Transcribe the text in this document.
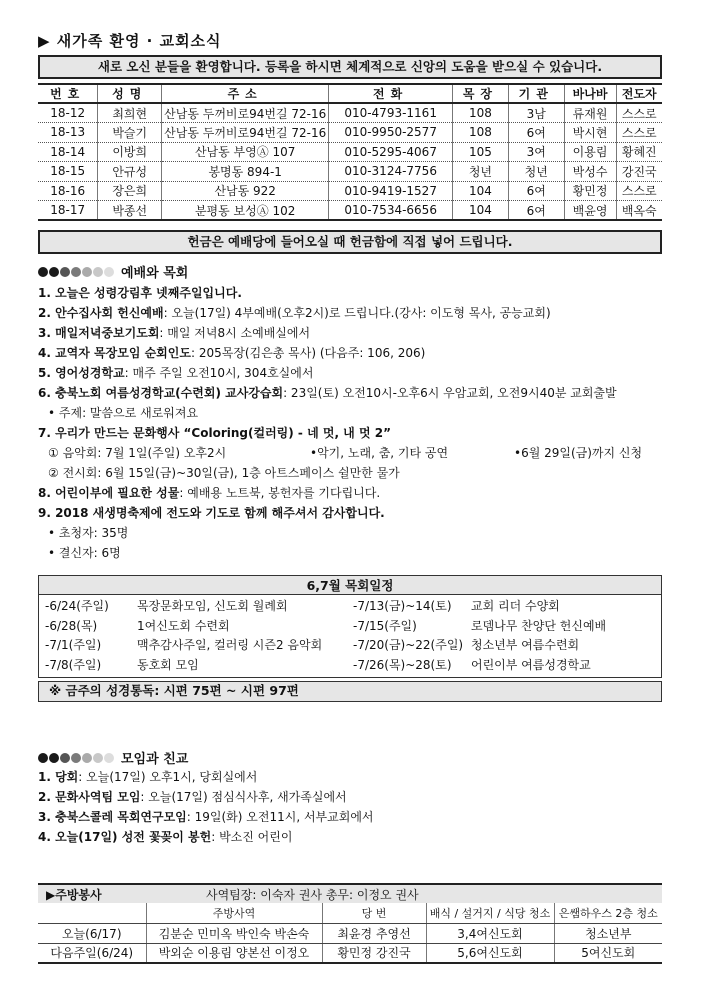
▶ 새가족 환영 · 교회소식
새로 오신 분들을 환영합니다. 등록을 하시면 체계적으로 신앙의 도움을 받으실 수 있습니다.
번호	성명	주소	전화	목장	기관	바나바	전도자
18-12	최희현	산남동 두꺼비로94번길 72-16	010-4793-1161	108	3남	류재원	스스로
18-13	박슬기	산남동 두꺼비로94번길 72-16	010-9950-2577	108	6여	박시현	스스로
18-14	이방희	산남동 부영Ⓐ 107	010-5295-4067	105	3여	이용림	황혜진
18-15	안규성	봉명동 894-1	010-3124-7756	청년	청년	박성수	강진국
18-16	장은희	산남동 922	010-9419-1527	104	6여	황민정	스스로
18-17	박종선	분평동 보성Ⓐ 102	010-7534-6656	104	6여	백윤영	백옥숙
헌금은 예배당에 들어오실 때 헌금함에 직접 넣어 드립니다.
예배와 목회
1. 오늘은 성령강림후 넷째주일입니다.
2. 안수집사회 헌신예배: 오늘(17일) 4부예배(오후2시)로 드립니다.(강사: 이도형 목사, 공능교회)
3. 매일저녁중보기도회: 매일 저녁8시 소예배실에서
4. 교역자 목장모임 순회인도: 205목장(김은총 목사) (다음주: 106, 206)
5. 영어성경학교: 매주 주일 오전10시, 304호실에서
6. 충북노회 여름성경학교(수련회) 교사강습회: 23일(토) 오전10시-오후6시 우암교회, 오전9시40분 교회출발
• 주제: 말씀으로 새로워져요
7. 우리가 만드는 문화행사 “Coloring(컬러링) - 네 멋, 내 멋 2”
① 음악회: 7월 1일(주일) 오후2시	•악기, 노래, 춤, 기타 공연	•6월 29일(금)까지 신청
② 전시회: 6월 15일(금)~30일(금), 1층 아트스페이스 쉴만한 물가
8. 어린이부에 필요한 성물: 예배용 노트북, 봉헌자를 기다립니다.
9. 2018 새생명축제에 전도와 기도로 함께 해주셔서 감사합니다.
• 초청자: 35명
• 결신자: 6명
6,7월 목회일정
-6/24(주일)	목장문화모임, 신도회 월례회
-6/28(목)	1여신도회 수련회
-7/1(주일)	맥추감사주일, 컬러링 시즌2 음악회
-7/8(주일)	동호회 모임
-7/13(금)~14(토)	교회 리더 수양회
-7/15(주일)	로뎀나무 찬양단 헌신예배
-7/20(금)~22(주일) 청소년부 여름수련회
-7/26(목)~28(토)	어린이부 여름성경학교
※ 금주의 성경통독: 시편 75편 ~ 시편 97편
모임과 친교
1. 당회: 오늘(17일) 오후1시, 당회실에서
2. 문화사역팀 모임: 오늘(17일) 점심식사후, 새가족실에서
3. 충북스콜레 목회연구모임: 19일(화) 오전11시, 서부교회에서
4. 오늘(17일) 성전 꽃꽂이 봉헌: 박소진 어린이
▶주방봉사	사역팀장: 이숙자 권사 총무: 이정오 권사
	주방사역	당 번	배식 / 설거지 / 식당 청소	은쌤하우스 2층 청소
오늘(6/17)	김분순 민미옥 박인숙 박손숙	최윤경 추영선	3,4여신도회	청소년부
다음주일(6/24)	박외순 이용림 양본선 이정오	황민정 강진국	5,6여신도회	5여신도회
